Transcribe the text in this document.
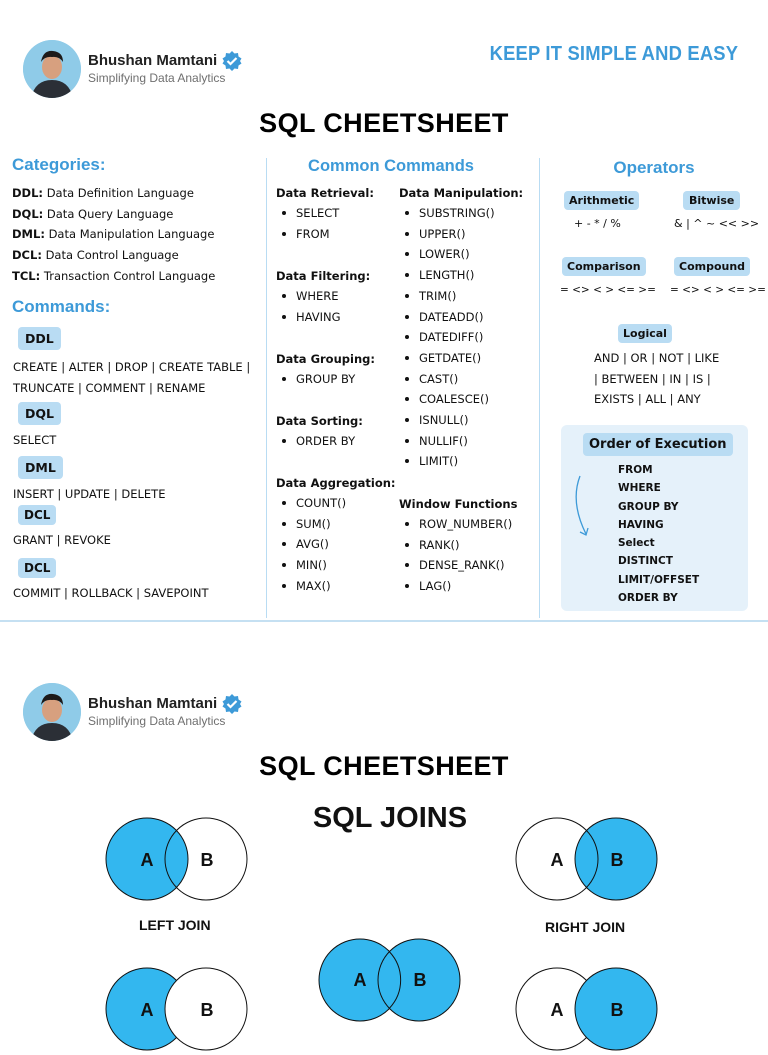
Bhushan Mamtani
Simplifying Data Analytics
KEEP IT SIMPLE AND EASY
SQL CHEETSHEET
Categories:
DDL: Data Definition Language
DQL: Data Query Language
DML: Data Manipulation Language
DCL: Data Control Language
TCL: Transaction Control Language
Commands:
DDL
CREATE | ALTER | DROP | CREATE TABLE |
TRUNCATE | COMMENT | RENAME
DQL
SELECT
DML
INSERT | UPDATE | DELETE
DCL
GRANT | REVOKE
DCL
COMMIT | ROLLBACK | SAVEPOINT
Common Commands
Data Retrieval:
SELECT
FROM
Data Filtering:
WHERE
HAVING
Data Grouping:
GROUP BY
Data Sorting:
ORDER BY
Data Aggregation:
COUNT()
SUM()
AVG()
MIN()
MAX()
Data Manipulation:
SUBSTRING()
UPPER()
LOWER()
LENGTH()
TRIM()
DATEADD()
DATEDIFF()
GETDATE()
CAST()
COALESCE()
ISNULL()
NULLIF()
LIMIT()
Window Functions
ROW_NUMBER()
RANK()
DENSE_RANK()
LAG()
Operators
Arithmetic
+ - * / %
Bitwise
& | ^ ~ << >>
Comparison
= <> < > <= >=
Compound
= <> < > <= >=
Logical
AND | OR | NOT | LIKE
| BETWEEN | IN | IS |
EXISTS | ALL | ANY
Order of Execution
FROM
WHERE
GROUP BY
HAVING
Select
DISTINCT
LIMIT/OFFSET
ORDER BY
Bhushan Mamtani
Simplifying Data Analytics
SQL CHEETSHEET
SQL JOINS
A	B
LEFT JOIN
A	B
RIGHT JOIN
A	B
A	B	A	B
